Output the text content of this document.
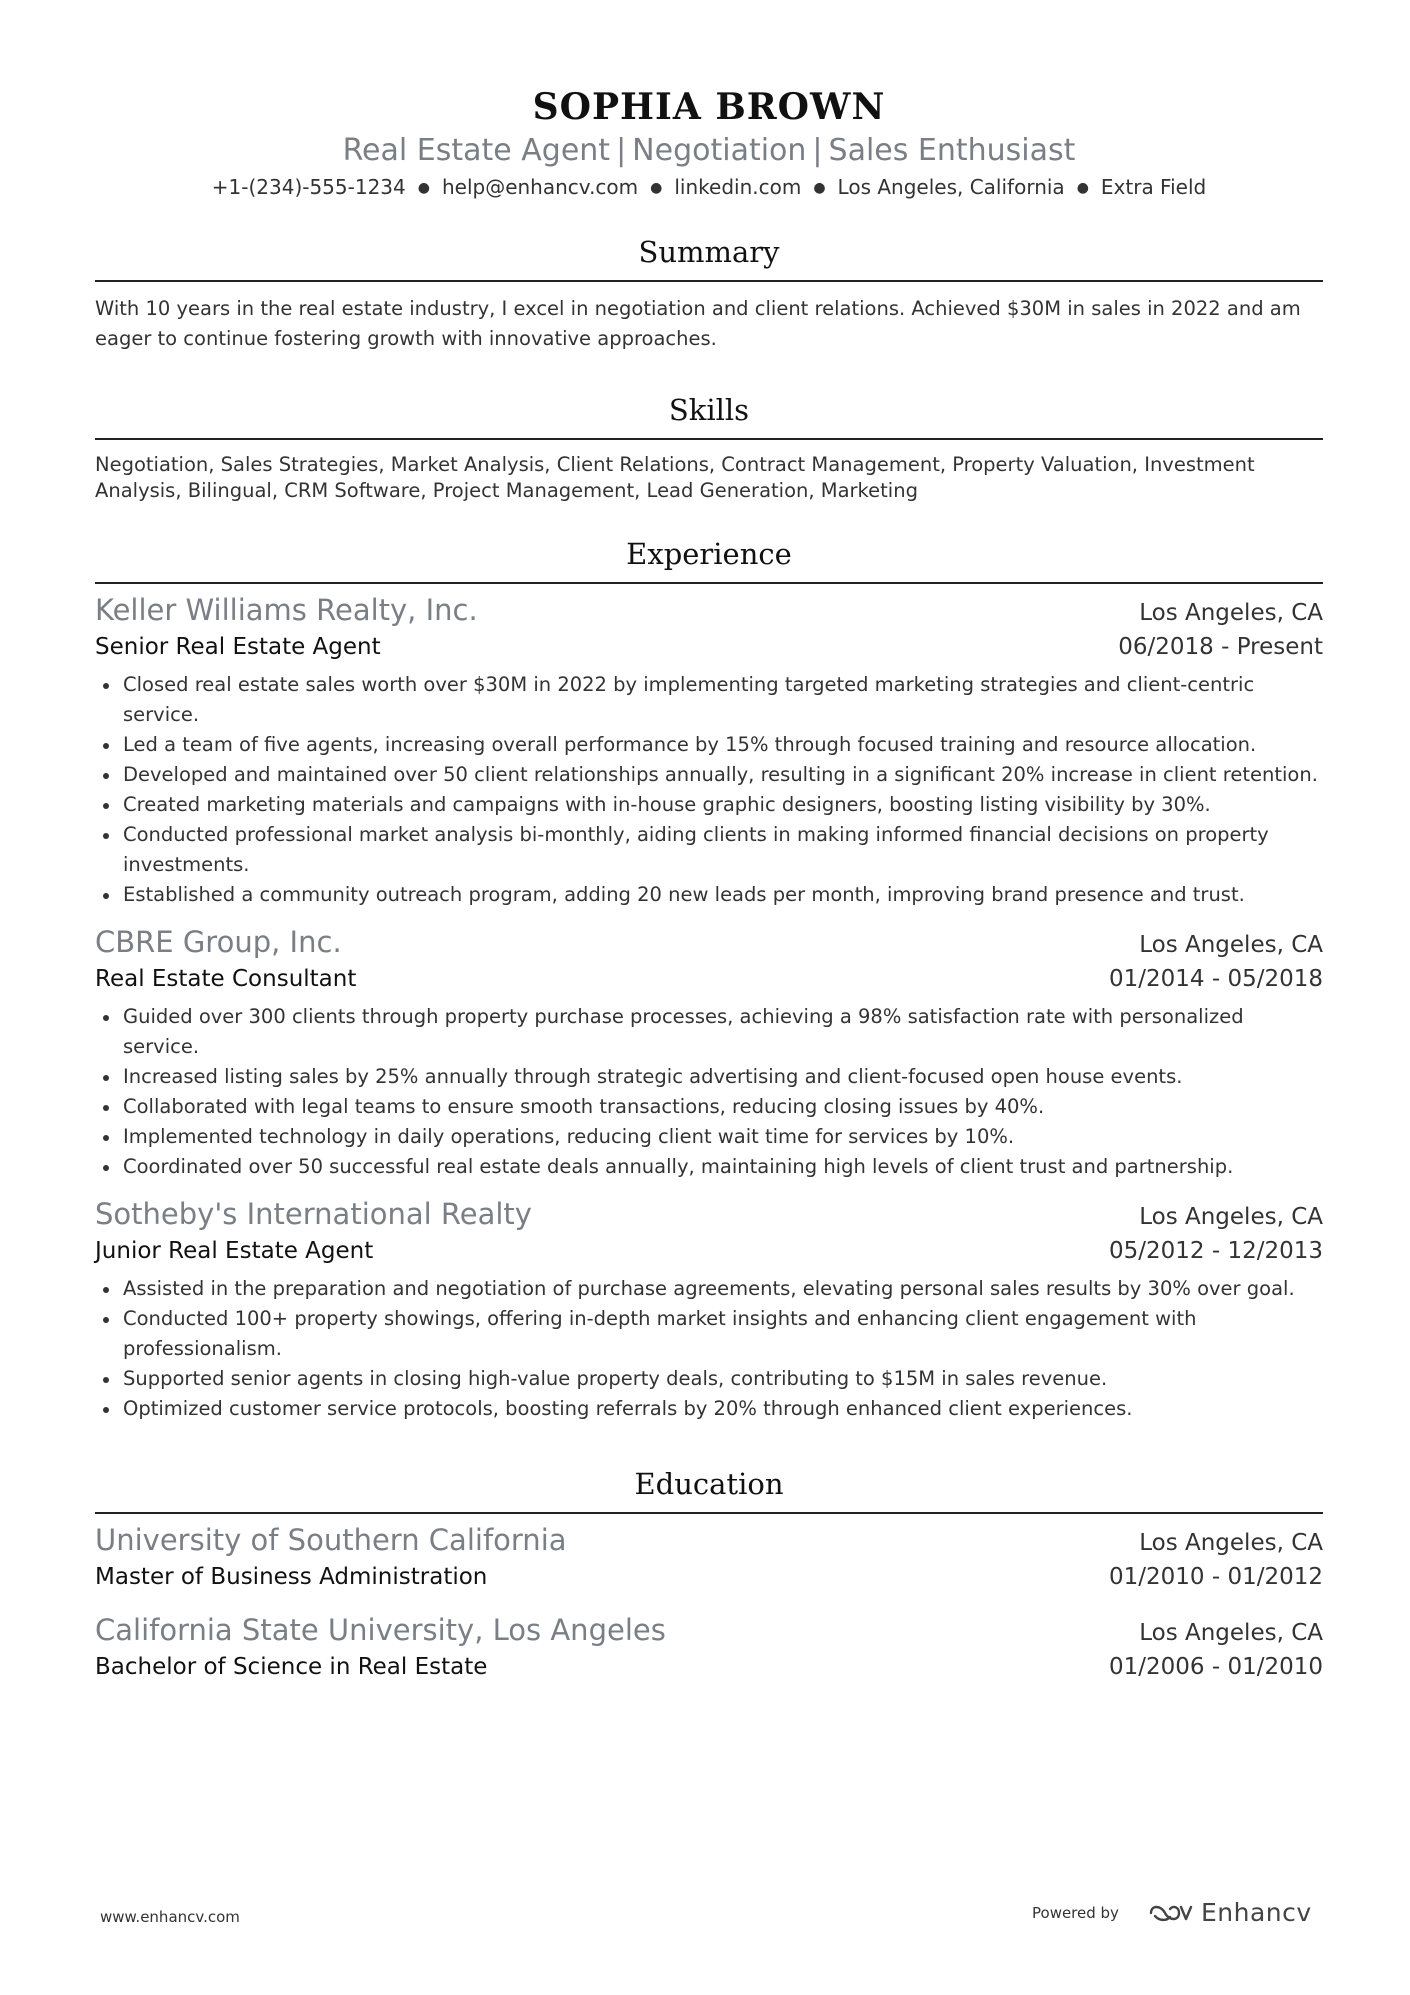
SOPHIA BROWN
Real Estate Agent | Negotiation | Sales Enthusiast
+1-(234)-555-1234 ● help@enhancv.com ● linkedin.com ● Los Angeles, California ● Extra Field
Summary
With 10 years in the real estate industry, I excel in negotiation and client relations. Achieved $30M in sales in 2022 and am eager to continue fostering growth with innovative approaches.
Skills
Negotiation, Sales Strategies, Market Analysis, Client Relations, Contract Management, Property Valuation, Investment Analysis, Bilingual, CRM Software, Project Management, Lead Generation, Marketing
Experience
Keller Williams Realty, Inc.	Los Angeles, CA
Senior Real Estate Agent	06/2018 - Present
Closed real estate sales worth over $30M in 2022 by implementing targeted marketing strategies and client-centric service.
Led a team of five agents, increasing overall performance by 15% through focused training and resource allocation.
Developed and maintained over 50 client relationships annually, resulting in a significant 20% increase in client retention.
Created marketing materials and campaigns with in-house graphic designers, boosting listing visibility by 30%.
Conducted professional market analysis bi-monthly, aiding clients in making informed financial decisions on property investments.
Established a community outreach program, adding 20 new leads per month, improving brand presence and trust.
CBRE Group, Inc.	Los Angeles, CA
Real Estate Consultant	01/2014 - 05/2018
Guided over 300 clients through property purchase processes, achieving a 98% satisfaction rate with personalized service.
Increased listing sales by 25% annually through strategic advertising and client-focused open house events.
Collaborated with legal teams to ensure smooth transactions, reducing closing issues by 40%.
Implemented technology in daily operations, reducing client wait time for services by 10%.
Coordinated over 50 successful real estate deals annually, maintaining high levels of client trust and partnership.
Sotheby's International Realty	Los Angeles, CA
Junior Real Estate Agent	05/2012 - 12/2013
Assisted in the preparation and negotiation of purchase agreements, elevating personal sales results by 30% over goal.
Conducted 100+ property showings, offering in-depth market insights and enhancing client engagement with professionalism.
Supported senior agents in closing high-value property deals, contributing to $15M in sales revenue.
Optimized customer service protocols, boosting referrals by 20% through enhanced client experiences.
Education
University of Southern California	Los Angeles, CA
Master of Business Administration	01/2010 - 01/2012
California State University, Los Angeles	Los Angeles, CA
Bachelor of Science in Real Estate	01/2006 - 01/2010
www.enhancv.com	Powered by	Enhancv
